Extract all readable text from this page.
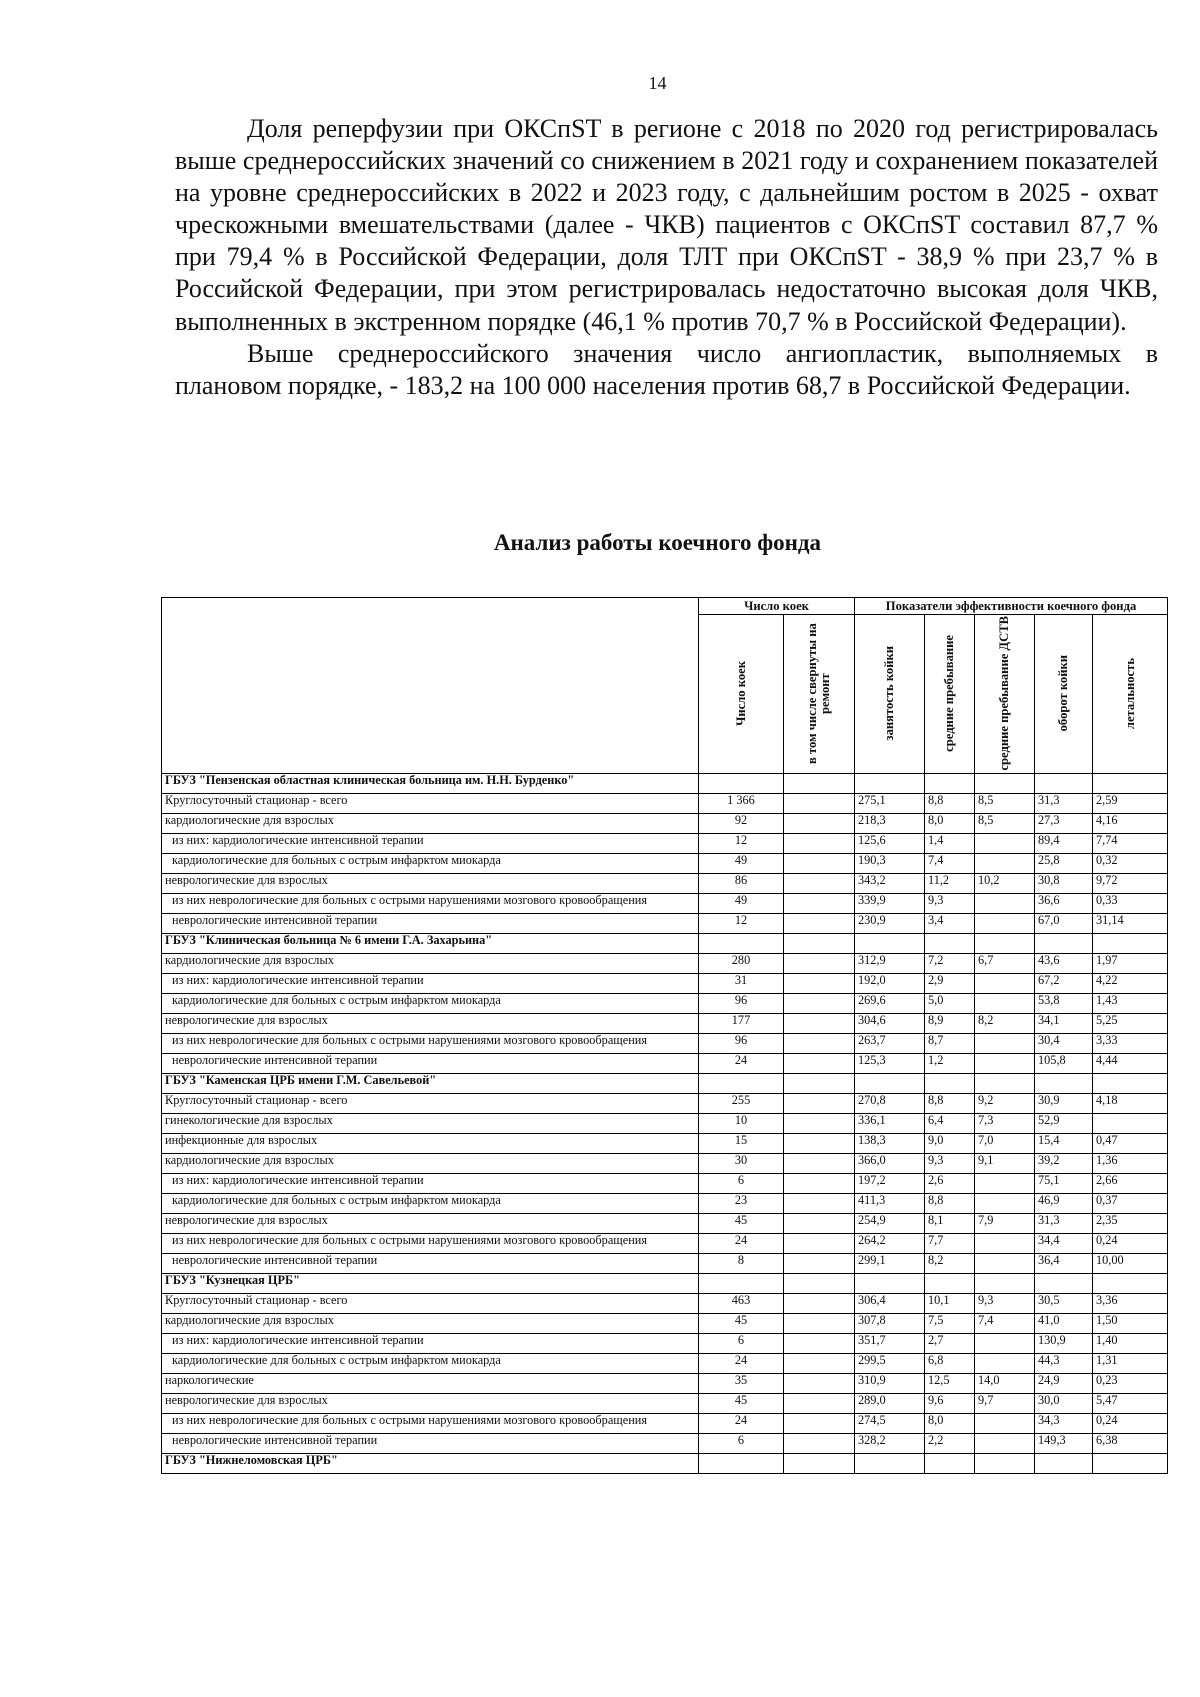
14

Доля реперфузии при ОКСпST в регионе с 2018 по 2020 год регистрировалась выше среднероссийских значений со снижением в 2021 году и сохранением показателей на уровне среднероссийских в 2022 и 2023 году, с дальнейшим ростом в 2025 - охват чрескожными вмешательствами (далее - ЧКВ) пациентов с ОКСпST составил 87,7 % при 79,4 % в Российской Федерации, доля ТЛТ при ОКСпST - 38,9 % при 23,7 % в Российской Федерации, при этом регистрировалась недостаточно высокая доля ЧКВ, выполненных в экстренном порядке (46,1 % против 70,7 % в Российской Федерации).

Выше среднероссийского значения число ангиопластик, выполняемых в плановом порядке, - 183,2 на 100 000 населения против 68,7 в Российской Федерации.

Анализ работы коечного фонда
	Число коек		Показатели эффективности коечного фонда				

	Число коек	в том числе свернуты на ремонт	занятость койки	средние пребывание	средние пребывание ДСТВ	оборот койки	летальность

ГБУЗ "Пензенская областная клиническая больница им. Н.Н. Бурденко"							
Круглосуточный стационар - всего	1 366		275,1	8,8	8,5	31,3	2,59
кардиологические для взрослых	92		218,3	8,0	8,5	27,3	4,16
из них: кардиологические интенсивной терапии	12		125,6	1,4		89,4	7,74
кардиологические для больных с острым инфарктом миокарда	49		190,3	7,4		25,8	0,32
неврологические для взрослых	86		343,2	11,2	10,2	30,8	9,72
из них неврологические для больных с острыми нарушениями мозгового кровообращения	49		339,9	9,3		36,6	0,33
неврологические интенсивной терапии	12		230,9	3,4		67,0	31,14
ГБУЗ "Клиническая больница № 6 имени Г.А. Захарьина"							
кардиологические для взрослых	280		312,9	7,2	6,7	43,6	1,97
из них: кардиологические интенсивной терапии	31		192,0	2,9		67,2	4,22
кардиологические для больных с острым инфарктом миокарда	96		269,6	5,0		53,8	1,43
неврологические для взрослых	177		304,6	8,9	8,2	34,1	5,25
из них неврологические для больных с острыми нарушениями мозгового кровообращения	96		263,7	8,7		30,4	3,33
неврологические интенсивной терапии	24		125,3	1,2		105,8	4,44
ГБУЗ "Каменская ЦРБ имени Г.М. Савельевой"							
Круглосуточный стационар - всего	255		270,8	8,8	9,2	30,9	4,18
гинекологические для взрослых	10		336,1	6,4	7,3	52,9	
инфекционные для взрослых	15		138,3	9,0	7,0	15,4	0,47
кардиологические для взрослых	30		366,0	9,3	9,1	39,2	1,36
из них: кардиологические интенсивной терапии	6		197,2	2,6		75,1	2,66
кардиологические для больных с острым инфарктом миокарда	23		411,3	8,8		46,9	0,37
неврологические для взрослых	45		254,9	8,1	7,9	31,3	2,35
из них неврологические для больных с острыми нарушениями мозгового кровообращения	24		264,2	7,7		34,4	0,24
неврологические интенсивной терапии	8		299,1	8,2		36,4	10,00
ГБУЗ "Кузнецкая ЦРБ"							
Круглосуточный стационар - всего	463		306,4	10,1	9,3	30,5	3,36
кардиологические для взрослых	45		307,8	7,5	7,4	41,0	1,50
из них: кардиологические интенсивной терапии	6		351,7	2,7		130,9	1,40
кардиологические для больных с острым инфарктом миокарда	24		299,5	6,8		44,3	1,31
наркологические	35		310,9	12,5	14,0	24,9	0,23
неврологические для взрослых	45		289,0	9,6	9,7	30,0	5,47
из них неврологические для больных с острыми нарушениями мозгового кровообращения	24		274,5	8,0		34,3	0,24
неврологические интенсивной терапии	6		328,2	2,2		149,3	6,38
ГБУЗ "Нижнеломовская ЦРБ"							
